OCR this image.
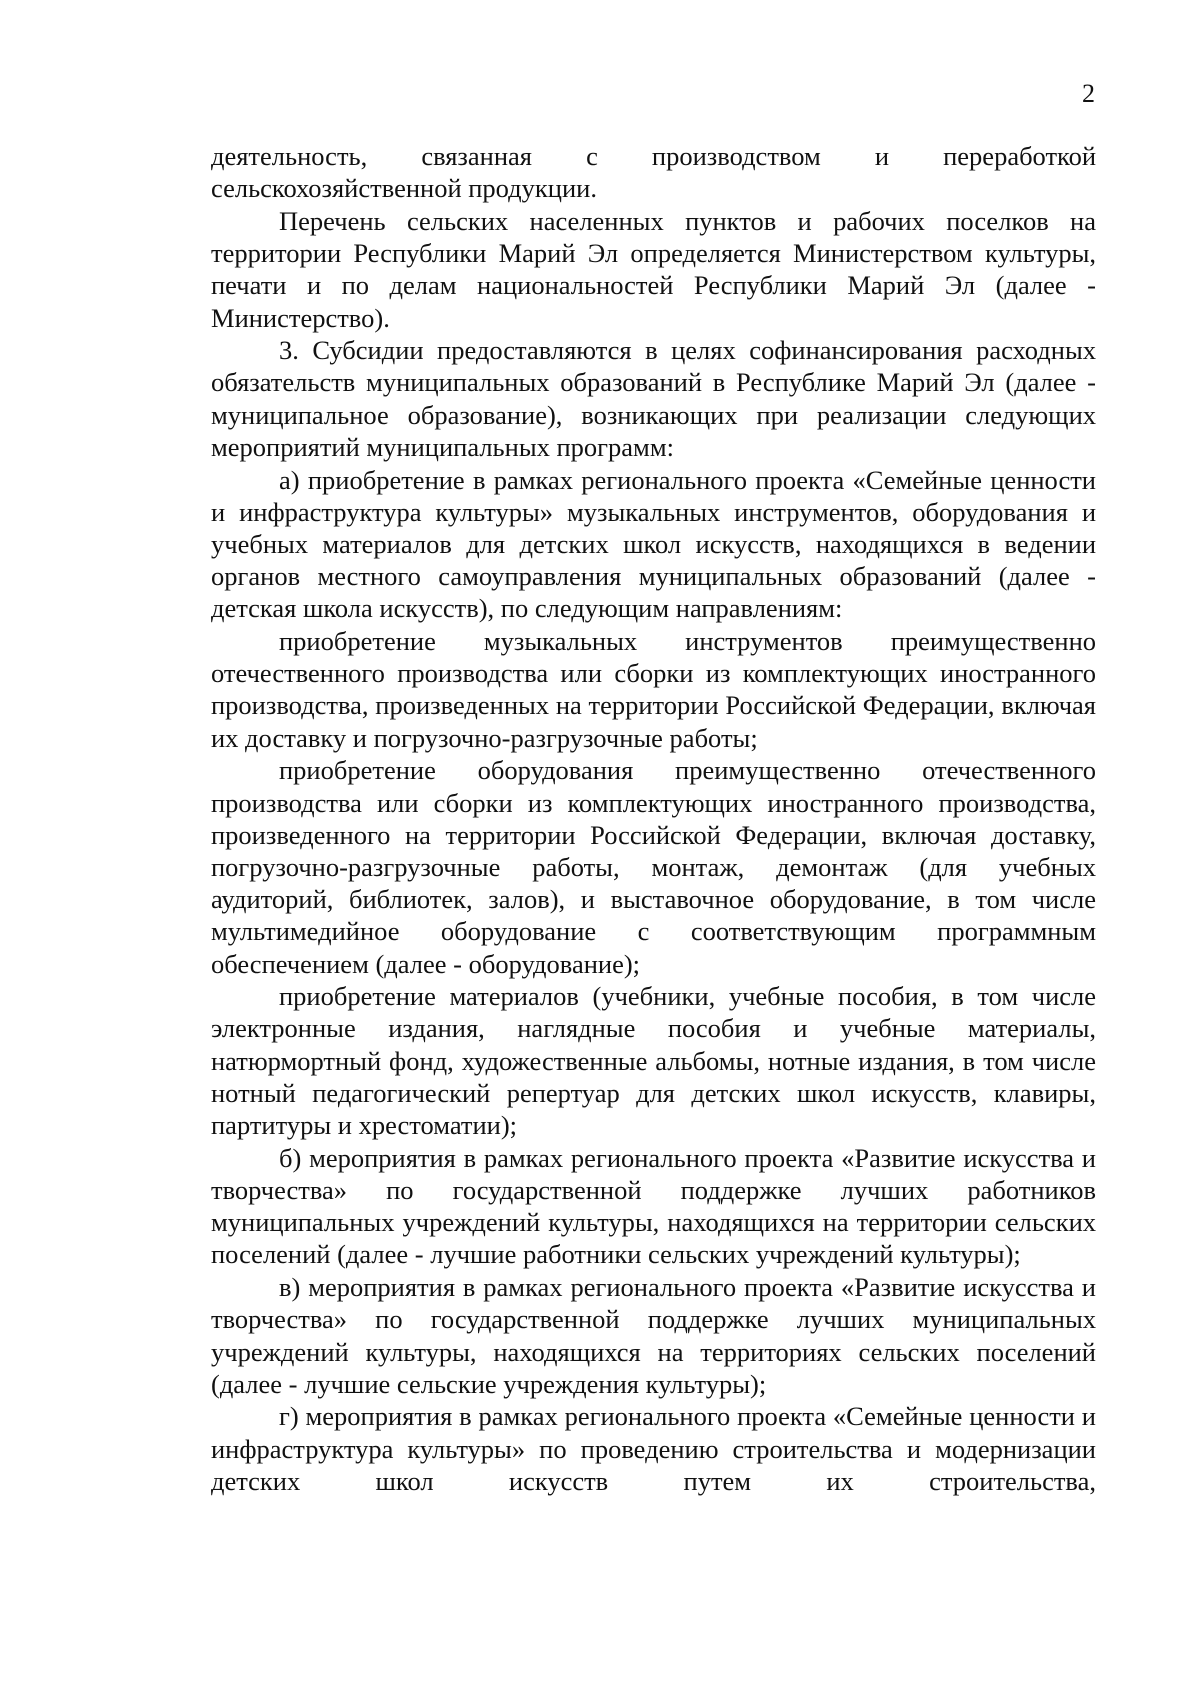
2

деятельность, связанная с производством и переработкой сельскохозяйственной продукции.

Перечень сельских населенных пунктов и рабочих поселков на территории Республики Марий Эл определяется Министерством культуры, печати и по делам национальностей Республики Марий Эл (далее - Министерство).

3. Субсидии предоставляются в целях софинансирования расходных обязательств муниципальных образований в Республике Марий Эл (далее - муниципальное образование), возникающих при реализации следующих мероприятий муниципальных программ:

а) приобретение в рамках регионального проекта «Семейные ценности и инфраструктура культуры» музыкальных инструментов, оборудования и учебных материалов для детских школ искусств, находящихся в ведении органов местного самоуправления муниципальных образований (далее - детская школа искусств), по следующим направлениям:

приобретение музыкальных инструментов преимущественно отечественного производства или сборки из комплектующих иностранного производства, произведенных на территории Российской Федерации, включая их доставку и погрузочно-разгрузочные работы;

приобретение оборудования преимущественно отечественного производства или сборки из комплектующих иностранного производства, произведенного на территории Российской Федерации, включая доставку, погрузочно-разгрузочные работы, монтаж, демонтаж (для учебных аудиторий, библиотек, залов), и выставочное оборудование, в том числе мультимедийное оборудование с соответствующим программным обеспечением (далее - оборудование);

приобретение материалов (учебники, учебные пособия, в том числе электронные издания, наглядные пособия и учебные материалы, натюрмортный фонд, художественные альбомы, нотные издания, в том числе нотный педагогический репертуар для детских школ искусств, клавиры, партитуры и хрестоматии);

б) мероприятия в рамках регионального проекта «Развитие искусства и творчества» по государственной поддержке лучших работников муниципальных учреждений культуры, находящихся на территории сельских поселений (далее - лучшие работники сельских учреждений культуры);

в) мероприятия в рамках регионального проекта «Развитие искусства и творчества» по государственной поддержке лучших муниципальных учреждений культуры, находящихся на территориях сельских поселений (далее - лучшие сельские учреждения культуры);

г) мероприятия в рамках регионального проекта «Семейные ценности и инфраструктура культуры» по проведению строительства и модернизации детских школ искусств путем их строительства,
